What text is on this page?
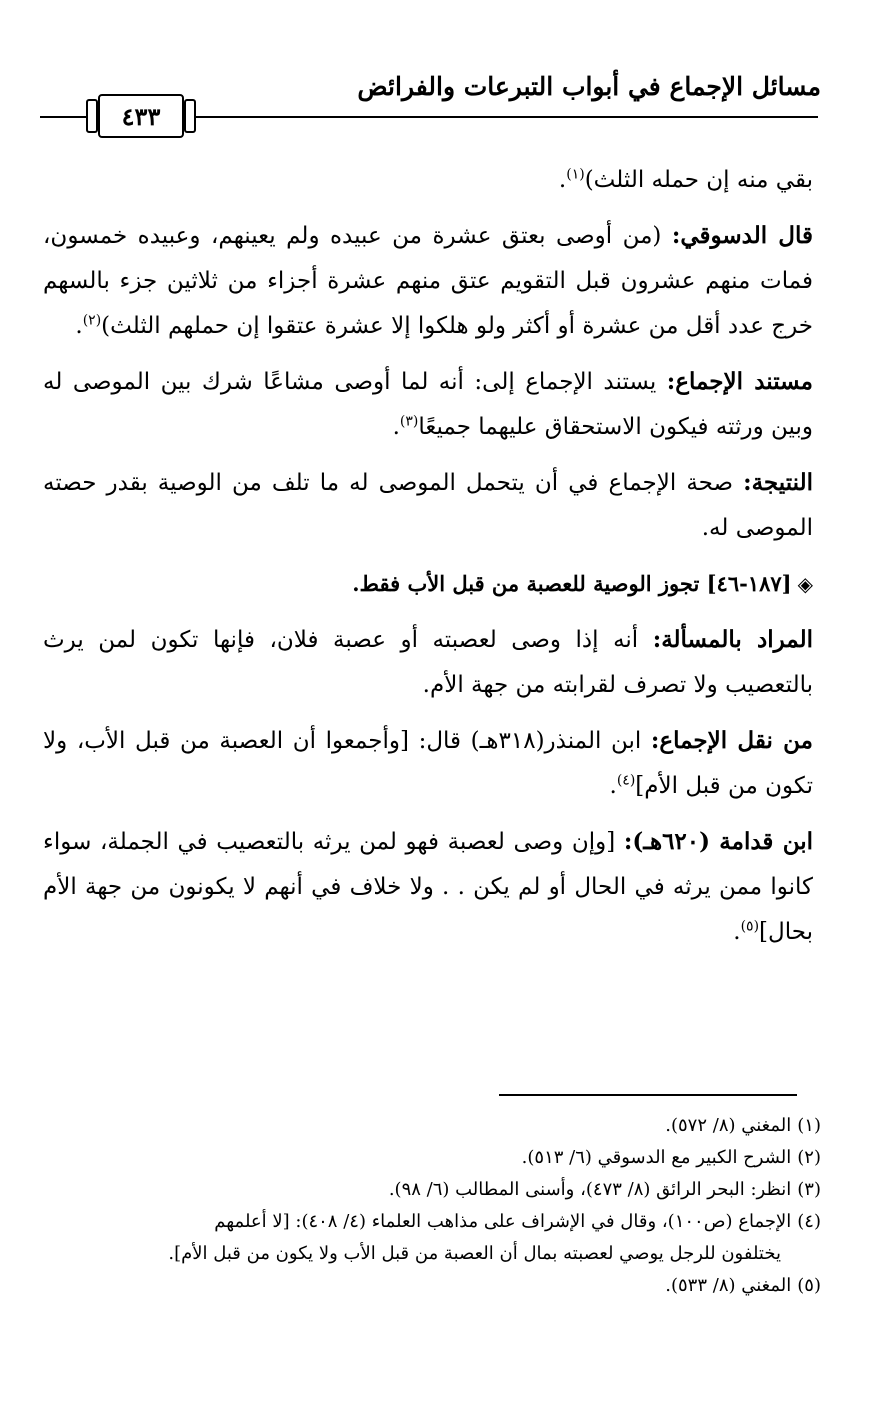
مسائل الإجماع في أبواب التبرعات والفرائض
٤٣٣

بقي منه إن حمله الثلث)$^{(١)}$.

قال الدسوقي: (من أوصى بعتق عشرة من عبيده ولم يعينهم، وعبيده خمسون، فمات منهم عشرون قبل التقويم عتق منهم عشرة أجزاء من ثلاثين جزء بالسهم خرج عدد أقل من عشرة أو أكثر ولو هلكوا إلا عشرة عتقوا إن حملهم الثلث)$^{(٢)}$.

مستند الإجماع: يستند الإجماع إلى: أنه لما أوصى مشاعًا شرك بين الموصى له وبين ورثته فيكون الاستحقاق عليهما جميعًا$^{(٣)}$.

النتيجة: صحة الإجماع في أن يتحمل الموصى له ما تلف من الوصية بقدر حصته الموصى له.

◈[١٨٧-٤٦] تجوز الوصية للعصبة من قبل الأب فقط.

المراد بالمسألة: أنه إذا وصى لعصبته أو عصبة فلان، فإنها تكون لمن يرث بالتعصيب ولا تصرف لقرابته من جهة الأم.

من نقل الإجماع: ابن المنذر(٣١٨هـ) قال: [وأجمعوا أن العصبة من قبل الأب، ولا تكون من قبل الأم]$^{(٤)}$.

ابن قدامة (٦٢٠هـ): [وإن وصى لعصبة فهو لمن يرثه بالتعصيب في الجملة، سواء كانوا ممن يرثه في الحال أو لم يكن . . ولا خلاف في أنهم لا يكونون من جهة الأم بحال]$^{(٥)}$.

(١)المغني (٨/ ٥٧٢).

(٢)الشرح الكبير مع الدسوقي (٦/ ٥١٣).

(٣)انظر: البحر الرائق (٨/ ٤٧٣)، وأسنى المطالب (٦/ ٩٨).

(٤)الإجماع (ص١٠٠)، وقال في الإشراف على مذاهب العلماء (٤/ ٤٠٨): [لا أعلمهم

يختلفون للرجل يوصي لعصبته بمال أن العصبة من قبل الأب ولا يكون من قبل الأم].

(٥)المغني (٨/ ٥٣٣).
